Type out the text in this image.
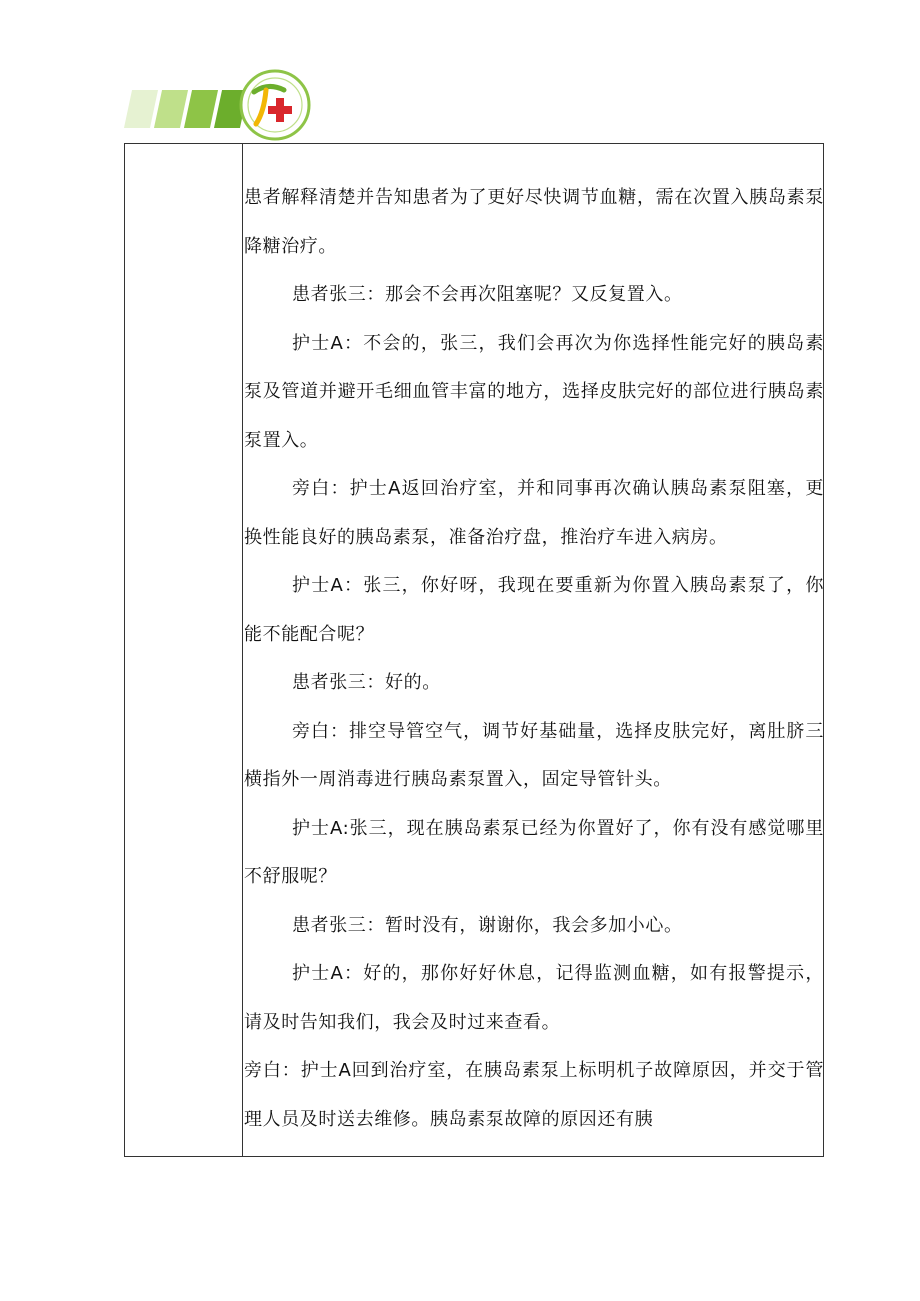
患者解释清楚并告知患者为了更好尽快调节血糖，需在次置入胰岛素泵降糖治疗。

患者张三：那会不会再次阻塞呢？又反复置入。

护士A：不会的，张三，我们会再次为你选择性能完好的胰岛素泵及管道并避开毛细血管丰富的地方，选择皮肤完好的部位进行胰岛素泵置入。

旁白：护士A返回治疗室，并和同事再次确认胰岛素泵阻塞，更换性能良好的胰岛素泵，准备治疗盘，推治疗车进入病房。

护士A：张三，你好呀，我现在要重新为你置入胰岛素泵了，你能不能配合呢？

患者张三：好的。

旁白：排空导管空气，调节好基础量，选择皮肤完好，离肚脐三横指外一周消毒进行胰岛素泵置入，固定导管针头。

护士A:张三，现在胰岛素泵已经为你置好了，你有没有感觉哪里不舒服呢？

患者张三：暂时没有，谢谢你，我会多加小心。

护士A：好的，那你好好休息，记得监测血糖，如有报警提示，请及时告知我们，我会及时过来查看。

旁白：护士A回到治疗室，在胰岛素泵上标明机子故障原因，并交于管理人员及时送去维修。胰岛素泵故障的原因还有胰
